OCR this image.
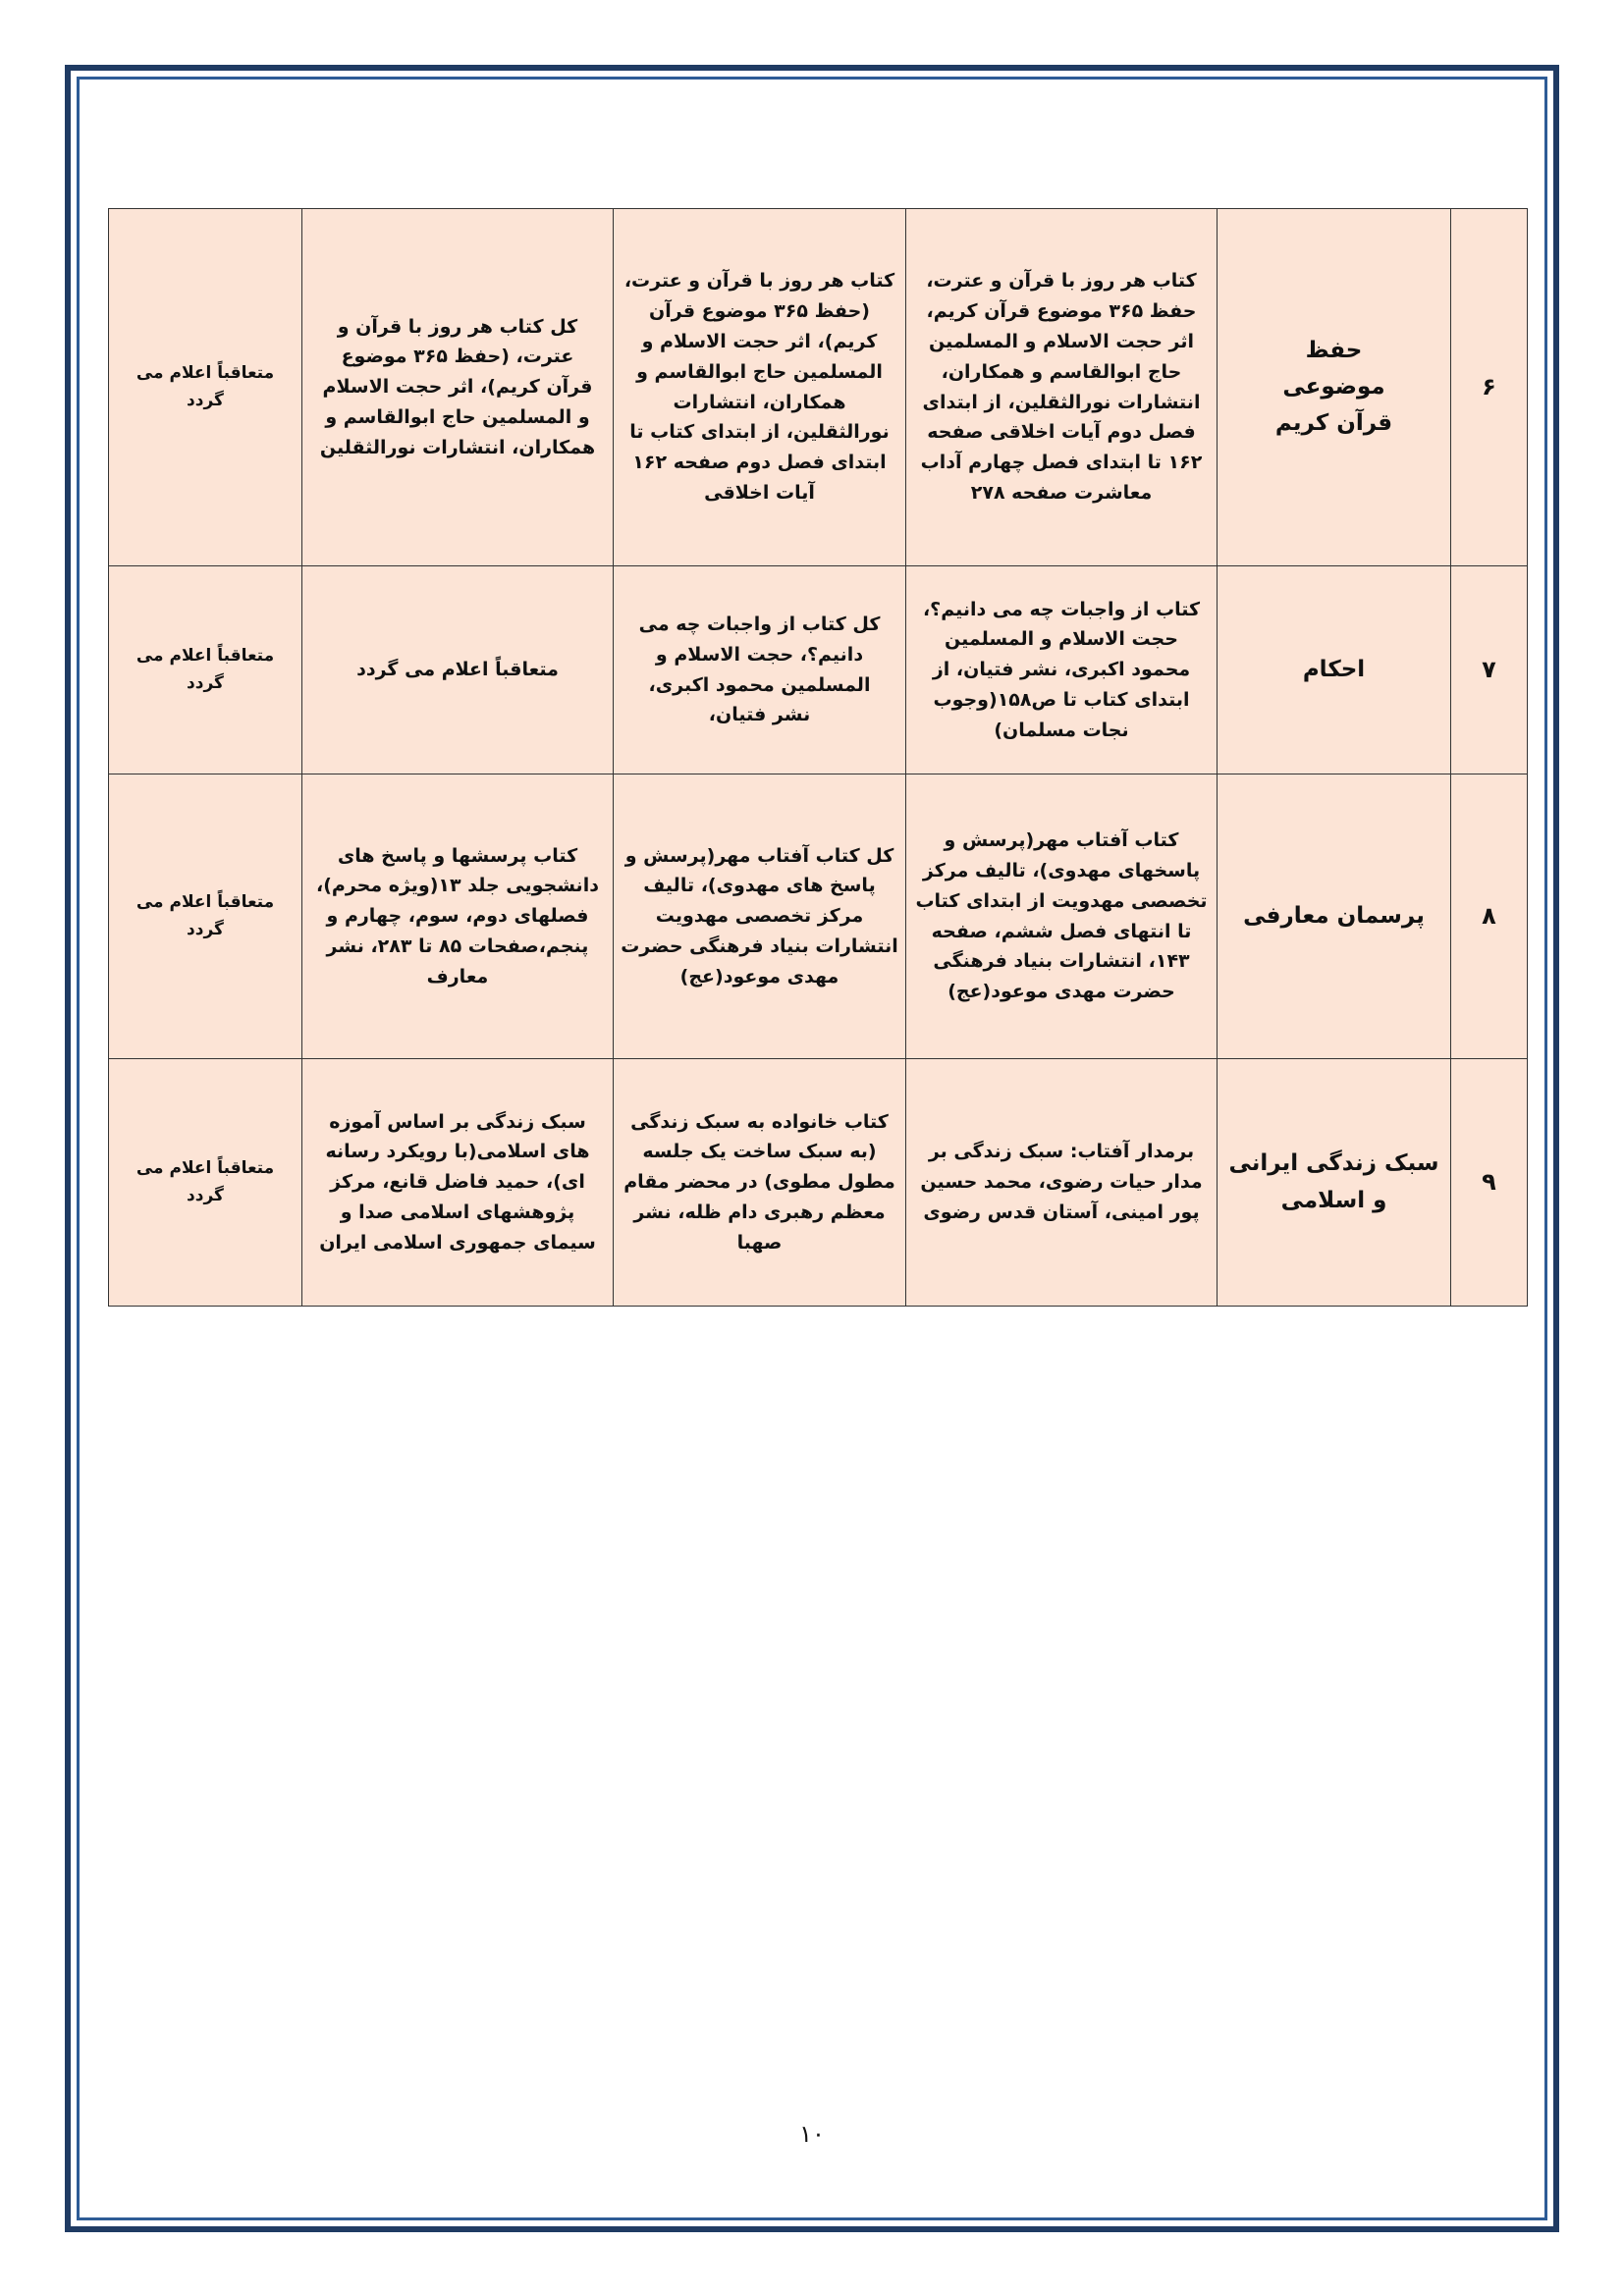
۶	حفظ موضوعی قرآن کریم	کتاب هر روز با قرآن و عترت، حفظ ۳۶۵ موضوع قرآن کریم، اثر حجت الاسلام و المسلمین حاج ابوالقاسم و همکاران، انتشارات نورالثقلین، از ابتدای فصل دوم آیات اخلاقی صفحه ۱۶۲ تا ابتدای فصل چهارم آداب معاشرت صفحه ۲۷۸	کتاب هر روز با قرآن و عترت، (حفظ ۳۶۵ موضوع قرآن کریم)، اثر حجت الاسلام و المسلمین حاج ابوالقاسم و همکاران، انتشارات نورالثقلین، از ابتدای کتاب تا ابتدای فصل دوم صفحه ۱۶۲ آیات اخلاقی	کل کتاب هر روز با قرآن و عترت، (حفظ ۳۶۵ موضوع قرآن کریم)، اثر حجت الاسلام و المسلمین حاج ابوالقاسم و همکاران، انتشارات نورالثقلین	متعاقباً اعلام می گردد
۷	احکام	کتاب از واجبات چه می دانیم؟، حجت الاسلام و المسلمین محمود اکبری، نشر فتیان، از ابتدای کتاب تا ص۱۵۸(وجوب نجات مسلمان)	کل کتاب از واجبات چه می دانیم؟، حجت الاسلام و المسلمین محمود اکبری، نشر فتیان،	متعاقباً اعلام می گردد	متعاقباً اعلام می گردد
۸	پرسمان معارفی	کتاب آفتاب مهر(پرسش و پاسخهای مهدوی)، تالیف مرکز تخصصی مهدویت از ابتدای کتاب تا انتهای فصل ششم، صفحه ۱۴۳، انتشارات بنیاد فرهنگی حضرت مهدی موعود(عج)	کل کتاب آفتاب مهر(پرسش و پاسخ های مهدوی)، تالیف مرکز تخصصی مهدویت انتشارات بنیاد فرهنگی حضرت مهدی موعود(عج)	کتاب پرسشها و پاسخ های دانشجویی جلد ۱۳(ویژه محرم)، فصلهای دوم، سوم، چهارم و پنجم،صفحات ۸۵ تا ۲۸۳، نشر معارف	متعاقباً اعلام می گردد
۹	سبک زندگی ایرانی و اسلامی	برمدار آفتاب: سبک زندگی بر مدار حیات رضوی، محمد حسین پور امینی، آستان قدس رضوی	کتاب خانواده به سبک زندگی (به سبک ساخت یک جلسه مطول مطوی) در محضر مقام معظم رهبری دام ظله، نشر صهبا	سبک زندگی بر اساس آموزه های اسلامی(با رویکرد رسانه ای)، حمید فاضل قانع، مرکز پژوهشهای اسلامی صدا و سیمای جمهوری اسلامی ایران	متعاقباً اعلام می گردد
۱۰
